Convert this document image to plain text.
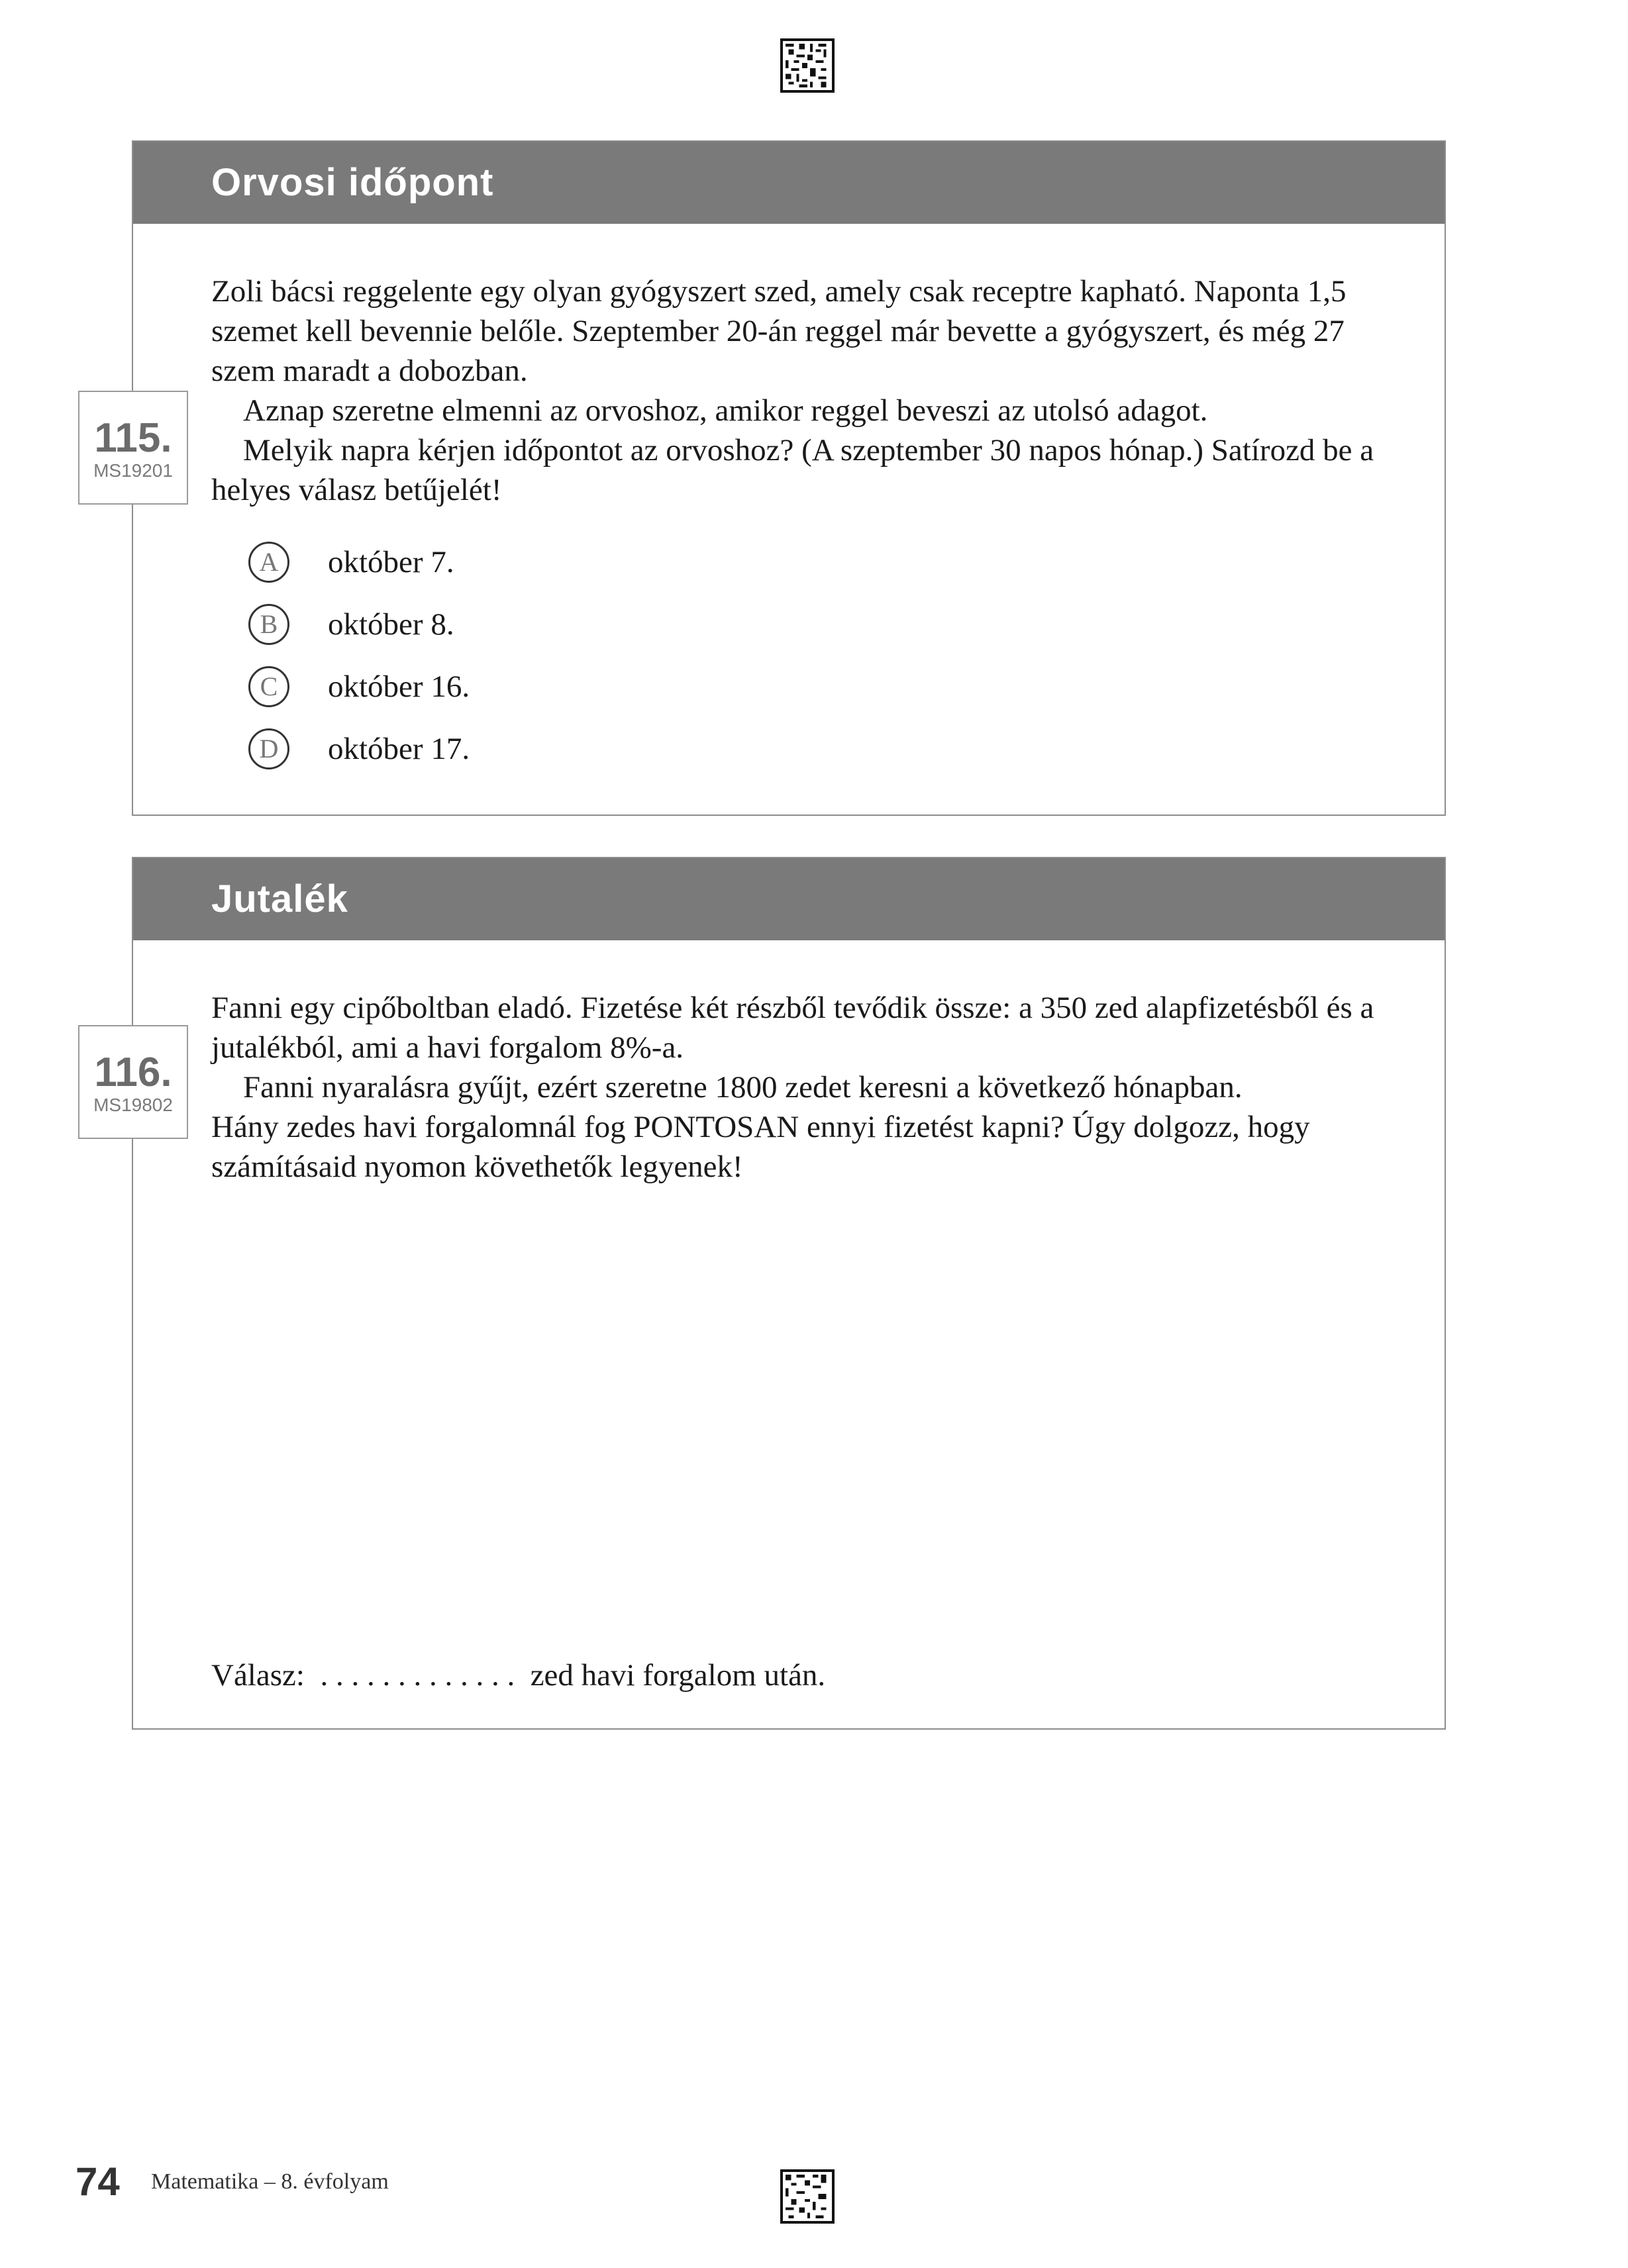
Orvosi időpont

Zoli bácsi reggelente egy olyan gyógyszert szed, amely csak receptre kapható. Naponta 1,5 szemet kell bevennie belőle. Szeptember 20-án reggel már bevette a gyógyszert, és még 27 szem maradt a dobozban.

Aznap szeretne elmenni az orvoshoz, amikor reggel beveszi az utolsó adagot.

Melyik napra kérjen időpontot az orvoshoz? (A szeptember 30 napos hónap.) Satírozd be a helyes válasz betűjelét!

115.
MS19201
A	október 7.
B	október 8.
C	október 16.
D	október 17.
Jutalék

Fanni egy cipőboltban eladó. Fizetése két részből tevődik össze: a 350 zed alapfizetésből és a jutalékból, ami a havi forgalom 8%-a.

Fanni nyaralásra gyűjt, ezért szeretne 1800 zedet keresni a következő hónapban.

Hány zedes havi forgalomnál fog PONTOSAN ennyi fizetést kapni? Úgy dolgozz, hogy számításaid nyomon követhetők legyenek!

116.
MS19802
Válasz: . . . . . . . . . . . . . zed havi forgalom után.
74 Matematika – 8. évfolyam
